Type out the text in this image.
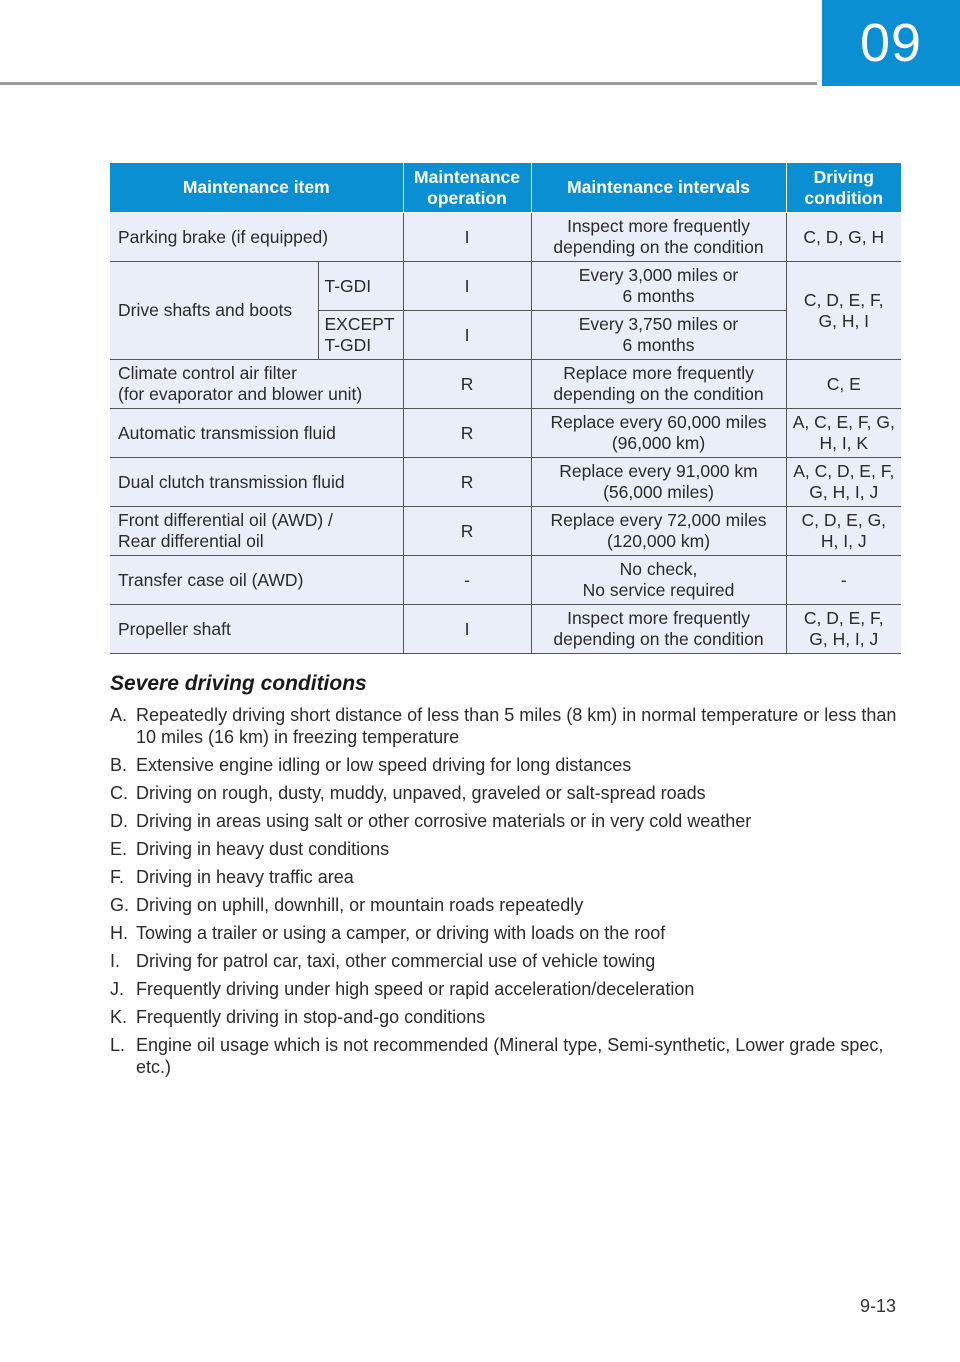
09
Maintenance item		Maintenance
operation	Maintenance intervals	Driving
condition
Parking brake (if equipped)		I	Inspect more frequently
depending on the condition	C, D, G, H
Drive shafts and boots	T-GDI	I	Every 3,000 miles or
6 months	C, D, E, F,
G, H, I
	EXCEPT
T-GDI	I	Every 3,750 miles or
6 months	
Climate control air filter
(for evaporator and blower unit)		R	Replace more frequently
depending on the condition	C, E
Automatic transmission fluid		R	Replace every 60,000 miles
(96,000 km)	A, C, E, F, G,
H, I, K
Dual clutch transmission fluid		R	Replace every 91,000 km
(56,000 miles)	A, C, D, E, F,
G, H, I, J
Front differential oil (AWD) /
Rear differential oil		R	Replace every 72,000 miles
(120,000 km)	C, D, E, G,
H, I, J
Transfer case oil (AWD)		-	No check,
No service required	-
Propeller shaft		I	Inspect more frequently
depending on the condition	C, D, E, F,
G, H, I, J
Severe driving conditions
A. Repeatedly driving short distance of less than 5 miles (8 km) in normal temperature or less than 10 miles (16 km) in freezing temperature
B. Extensive engine idling or low speed driving for long distances
C. Driving on rough, dusty, muddy, unpaved, graveled or salt-spread roads
D. Driving in areas using salt or other corrosive materials or in very cold weather
E. Driving in heavy dust conditions
F. Driving in heavy traffic area
G. Driving on uphill, downhill, or mountain roads repeatedly
H. Towing a trailer or using a camper, or driving with loads on the roof
I. Driving for patrol car, taxi, other commercial use of vehicle towing
J. Frequently driving under high speed or rapid acceleration/deceleration
K. Frequently driving in stop-and-go conditions
L. Engine oil usage which is not recommended (Mineral type, Semi-synthetic, Lower grade spec, etc.)
9-13
